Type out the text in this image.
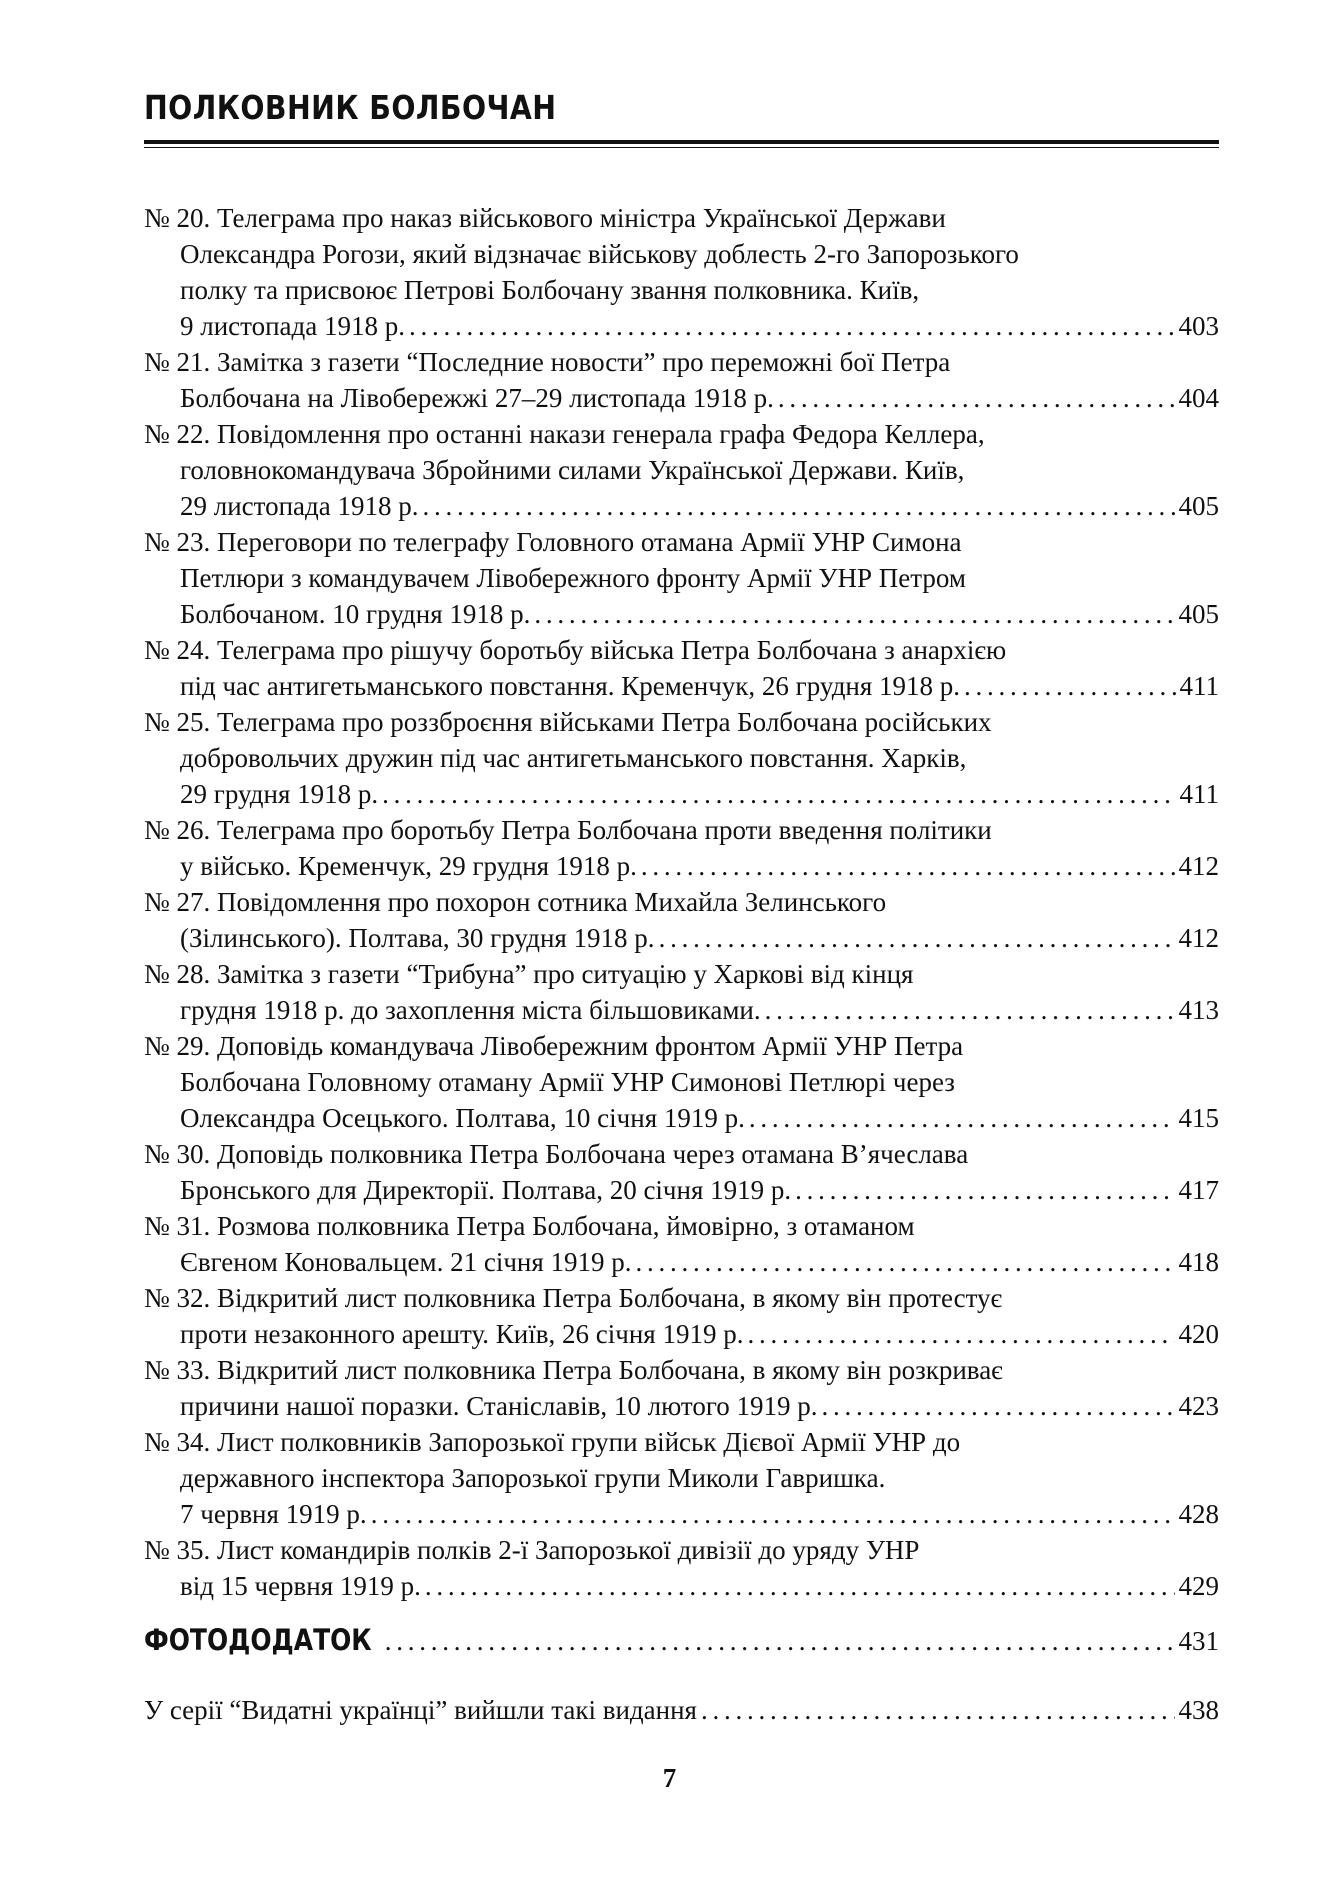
ПОЛКОВНИК БОЛБОЧАН
№ 20. Телеграма про наказ військового міністра Української Держави
Олександра Рогози, який відзначає військову доблесть 2-го Запорозького
полку та присвоює Петрові Болбочану звання полковника. Київ,
9 листопада 1918 р. . . .	403
№ 21. Замітка з газети “Последние новости” про переможні бої Петра
Болбочана на Лівобережжі 27–29 листопада 1918 р. . . .	404
№ 22. Повідомлення про останні накази генерала графа Федора Келлера,
головнокомандувача Збройними силами Української Держави. Київ,
29 листопада 1918 р. . . .	405
№ 23. Переговори по телеграфу Головного отамана Армії УНР Симона
Петлюри з командувачем Лівобережного фронту Армії УНР Петром
Болбочаном. 10 грудня 1918 р. . . .	405
№ 24. Телеграма про рішучу боротьбу війська Петра Болбочана з анархією
під час антигетьманського повстання. Кременчук, 26 грудня 1918 р. . . .	411
№ 25. Телеграма про роззброєння військами Петра Болбочана російських
добровольчих дружин під час антигетьманського повстання. Харків,
29 грудня 1918 р. . . .	411
№ 26. Телеграма про боротьбу Петра Болбочана проти введення політики
у військо. Кременчук, 29 грудня 1918 р. . . .	412
№ 27. Повідомлення про похорон сотника Михайла Зелинського
(Зілинського). Полтава, 30 грудня 1918 р. . . .	412
№ 28. Замітка з газети “Трибуна” про ситуацію у Харкові від кінця
грудня 1918 р. до захоплення міста більшовиками. . . .	413
№ 29. Доповідь командувача Лівобережним фронтом Армії УНР Петра
Болбочана Головному отаману Армії УНР Симонові Петлюрі через
Олександра Осецького. Полтава, 10 січня 1919 р. . . .	415
№ 30. Доповідь полковника Петра Болбочана через отамана В’ячеслава
Бронського для Директорії. Полтава, 20 січня 1919 р. . . .	417
№ 31. Розмова полковника Петра Болбочана, ймовірно, з отаманом
Євгеном Коновальцем. 21 січня 1919 р. . . .	418
№ 32. Відкритий лист полковника Петра Болбочана, в якому він протестує
проти незаконного арешту. Київ, 26 січня 1919 р. . . .	420
№ 33. Відкритий лист полковника Петра Болбочана, в якому він розкриває
причини нашої поразки. Станіславів, 10 лютого 1919 р. . . .	423
№ 34. Лист полковників Запорозької групи військ Дієвої Армії УНР до
державного інспектора Запорозької групи Миколи Гавришка.
7 червня 1919 р. . . .	428
№ 35. Лист командирів полків 2-ї Запорозької дивізії до уряду УНР
від 15 червня 1919 р. . . .	429
ФОТОДОДАТОК . . .	431
У серії “Видатні українці” вийшли такі видання . . .	438
7
